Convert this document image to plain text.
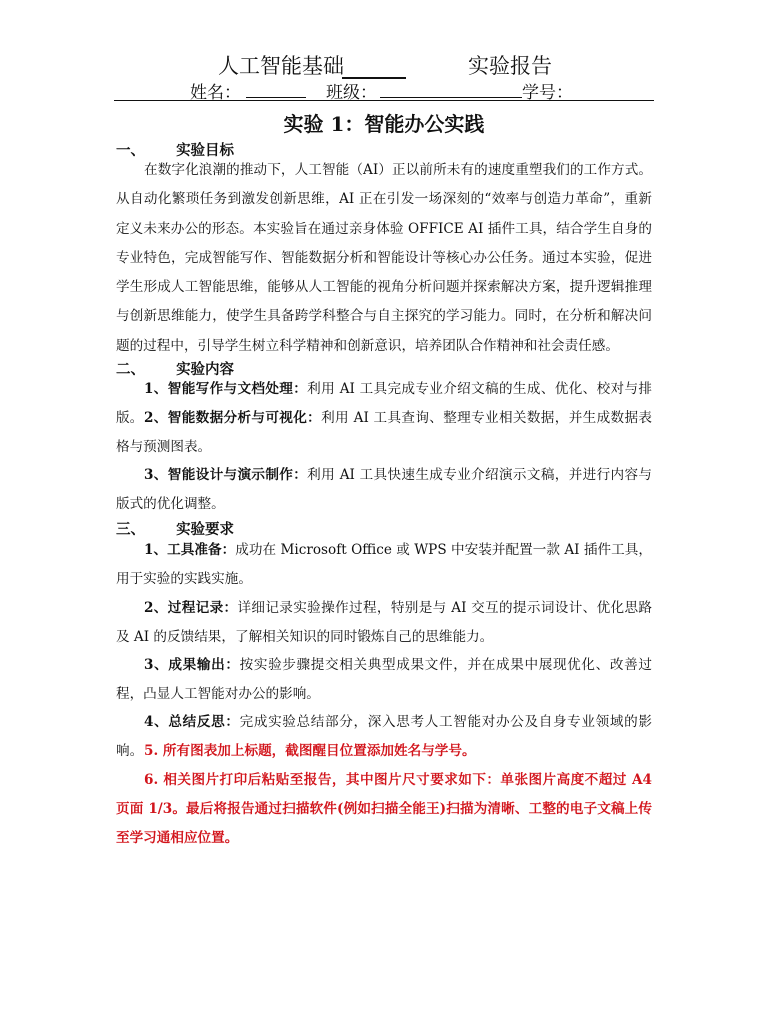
人工智能基础	实验报告
姓名：	班级：	学号：
实验 1：智能办公实践
一、 实验目标
在数字化浪潮的推动下，人工智能（AI）正以前所未有的速度重塑我们的工作方式。从自动化繁琐任务到激发创新思维，AI 正在引发一场深刻的“效率与创造力革命”，重新定义未来办公的形态。本实验旨在通过亲身体验 OFFICE AI 插件工具，结合学生自身的专业特色，完成智能写作、智能数据分析和智能设计等核心办公任务。通过本实验，促进学生形成人工智能思维，能够从人工智能的视角分析问题并探索解决方案，提升逻辑推理与创新思维能力，使学生具备跨学科整合与自主探究的学习能力。同时，在分析和解决问题的过程中，引导学生树立科学精神和创新意识，培养团队合作精神和社会责任感。
二、 实验内容
1、智能写作与文档处理：利用 AI 工具完成专业介绍文稿的生成、优化、校对与排版。 2、智能数据分析与可视化：利用 AI 工具查询、整理专业相关数据，并生成数据表格与预测图表。
3、智能设计与演示制作：利用 AI 工具快速生成专业介绍演示文稿，并进行内容与版式的优化调整。
三、 实验要求
1、工具准备：成功在 Microsoft Office 或 WPS 中安装并配置一款 AI 插件工具，用于实验的实践实施。
2、过程记录：详细记录实验操作过程，特别是与 AI 交互的提示词设计、优化思路及 AI 的反馈结果，了解相关知识的同时锻炼自己的思维能力。
3、成果输出：按实验步骤提交相关典型成果文件，并在成果中展现优化、改善过程，凸显人工智能对办公的影响。
4、总结反思：完成实验总结部分，深入思考人工智能对办公及自身专业领域的影响。 5. 所有图表加上标题，截图醒目位置添加姓名与学号。
6. 相关图片打印后粘贴至报告，其中图片尺寸要求如下：单张图片高度不超过 A4 页面 1/3。最后将报告通过扫描软件(例如扫描全能王)扫描为清晰、工整的电子文稿上传至学习通相应位置。
